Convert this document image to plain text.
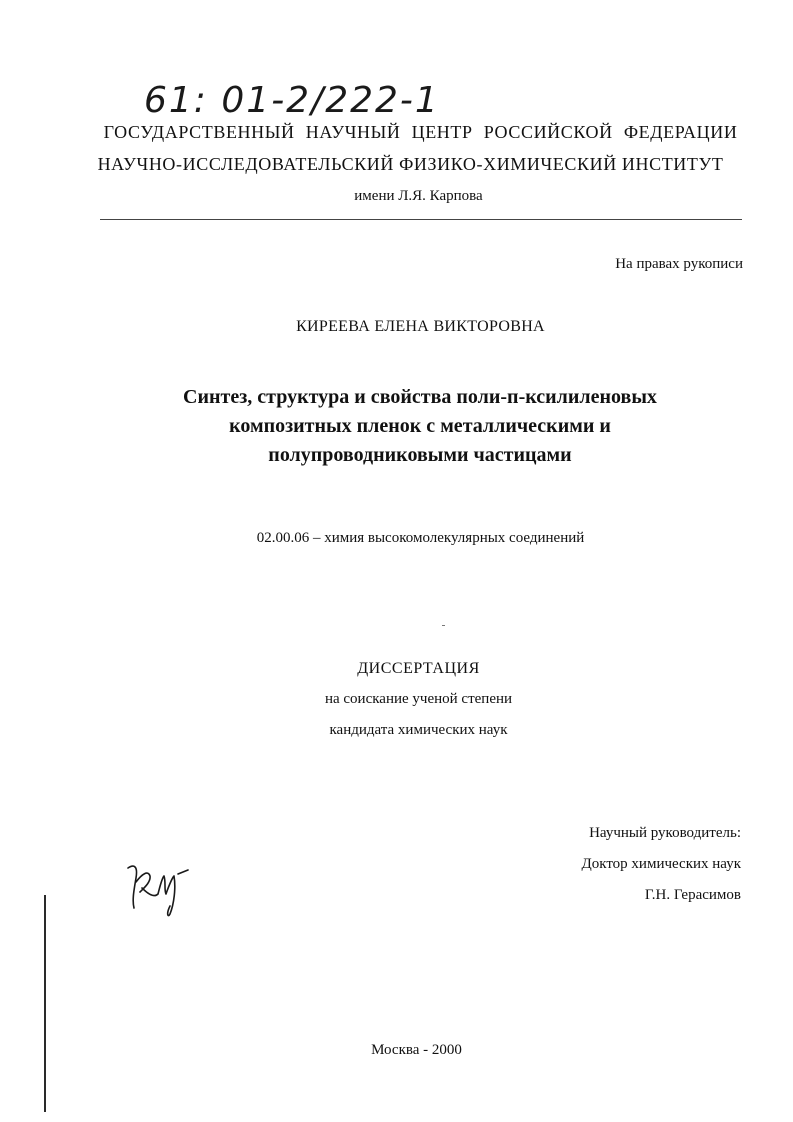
61: 01-2/222-1
ГОСУДАРСТВЕННЫЙ НАУЧНЫЙ ЦЕНТР РОССИЙСКОЙ ФЕДЕРАЦИИ
НАУЧНО-ИССЛЕДОВАТЕЛЬСКИЙ ФИЗИКО-ХИМИЧЕСКИЙ ИНСТИТУТ
имени Л.Я. Карпова
На правах рукописи
КИРЕЕВА ЕЛЕНА ВИКТОРОВНА
Синтез, структура и свойства поли-п-ксилиленовых
композитных пленок с металлическими и
полупроводниковыми частицами
02.00.06 – химия высокомолекулярных соединений
ДИССЕРТАЦИЯ
на соискание ученой степени
кандидата химических наук
Научный руководитель:
Доктор химических наук
Г.Н. Герасимов
Москва - 2000
